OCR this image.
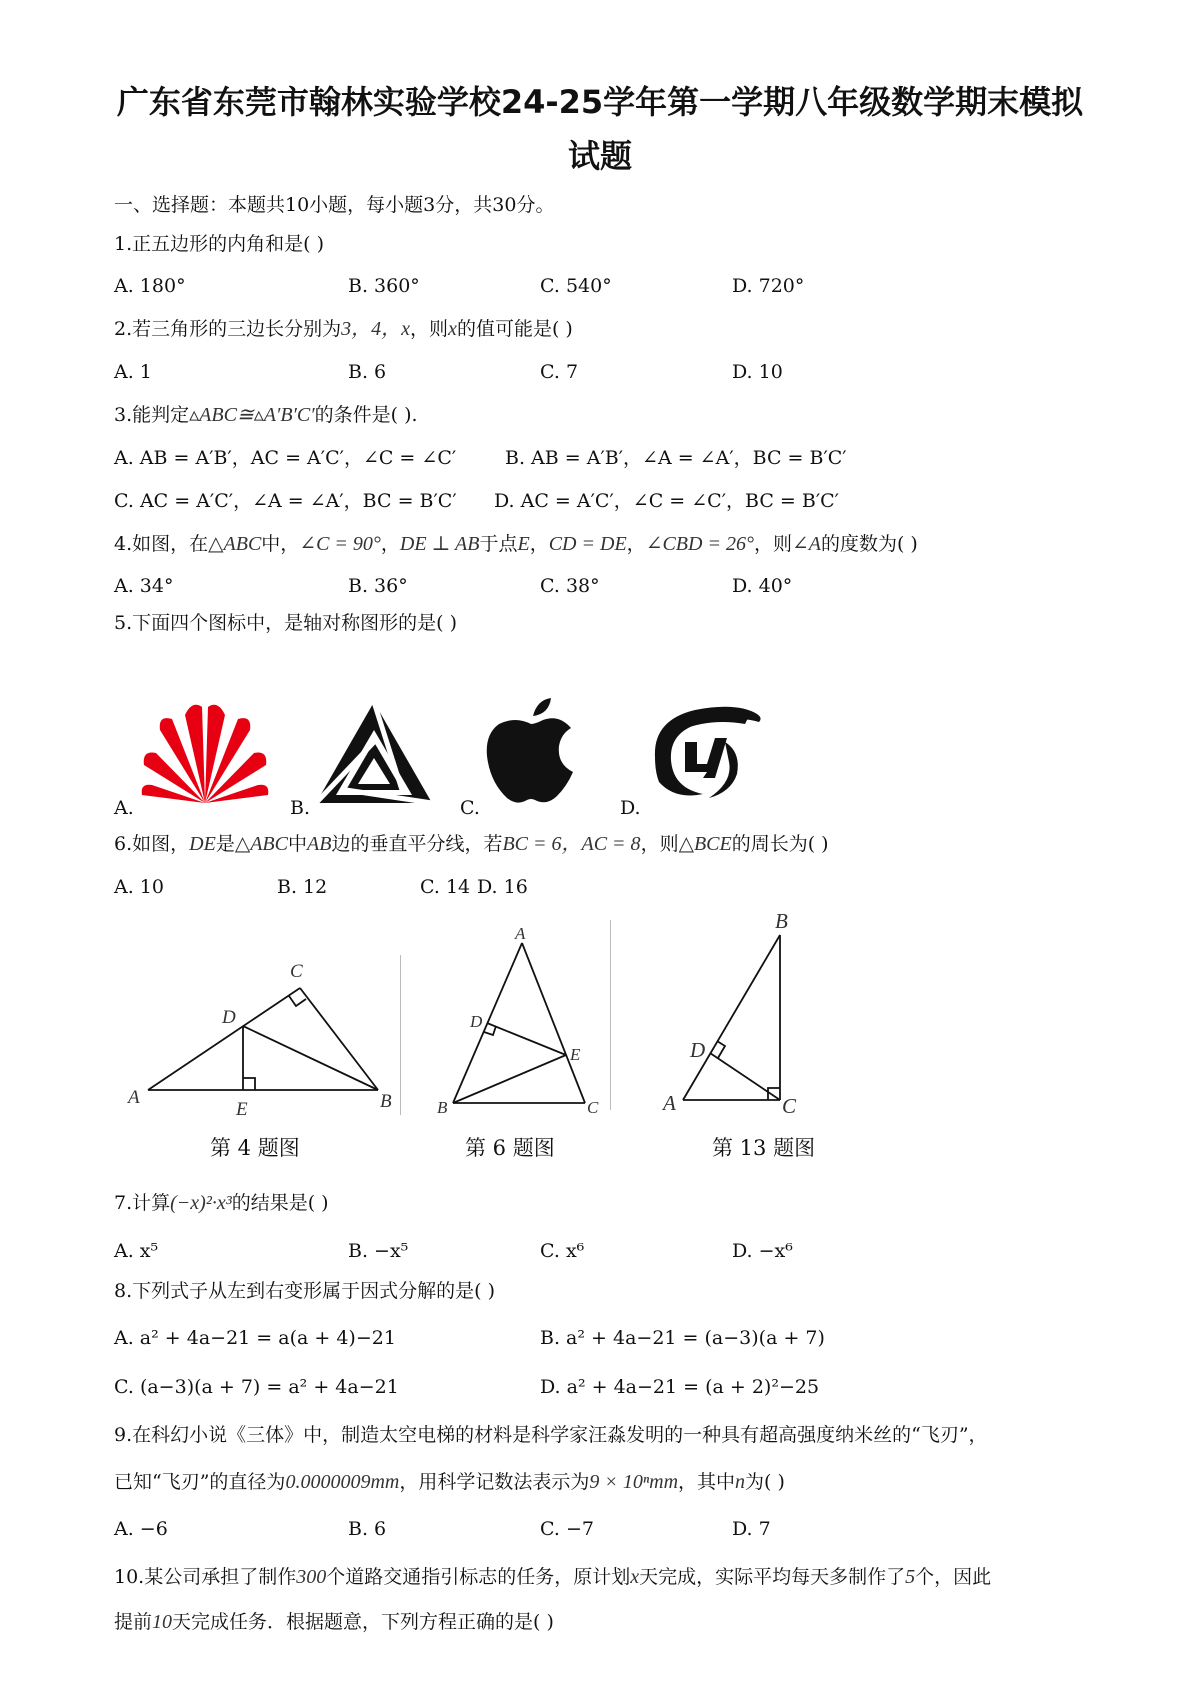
广东省东莞市翰林实验学校24-25学年第一学期八年级数学期末模拟
试题
一、选择题：本题共10小题，每小题3分，共30分。
1.正五边形的内角和是( )
A. 180°	B. 360°	C. 540°	D. 720°
2.若三角形的三边长分别为3，4，x，则x的值可能是( )
A. 1	B. 6	C. 7	D. 10
3.能判定▵ABC≅▵A′B′C′的条件是( ).
A. AB = A′B′，AC = A′C′，∠C = ∠C′	B. AB = A′B′，∠A = ∠A′，BC = B′C′
C. AC = A′C′，∠A = ∠A′，BC = B′C′ D. AC = A′C′，∠C = ∠C′，BC = B′C′
4.如图，在△ABC中，∠C = 90°，DE ⊥ AB于点E，CD = DE，∠CBD = 26°，则∠A的度数为( )
A. 34°	B. 36°	C. 38°	D. 40°
5.下面四个图标中，是轴对称图形的是( )
A.	B.	C.	D.
6.如图，DE是△ABC中AB边的垂直平分线，若BC = 6，AC = 8，则△BCE的周长为( )
A. 10	B. 12	C. 14 D. 16
A	B
C
D
E
A
B	C
D
E
B
A	C
D
第 4 题图	第 6 题图	第 13 题图
7.计算(−x)²·x³的结果是( )
A. x⁵	B. −x⁵	C. x⁶	D. −x⁶
8.下列式子从左到右变形属于因式分解的是( )
A. a² + 4a−21 = a(a + 4)−21	B. a² + 4a−21 = (a−3)(a + 7)
C. (a−3)(a + 7) = a² + 4a−21	D. a² + 4a−21 = (a + 2)²−25
9.在科幻小说《三体》中，制造太空电梯的材料是科学家汪淼发明的一种具有超高强度纳米丝的“飞刃”，
已知“飞刃”的直径为0.0000009mm，用科学记数法表示为9 × 10ⁿmm，其中n为( )
A. −6	B. 6	C. −7	D. 7
10.某公司承担了制作300个道路交通指引标志的任务，原计划x天完成，实际平均每天多制作了5个，因此
提前10天完成任务．根据题意，下列方程正确的是( )
